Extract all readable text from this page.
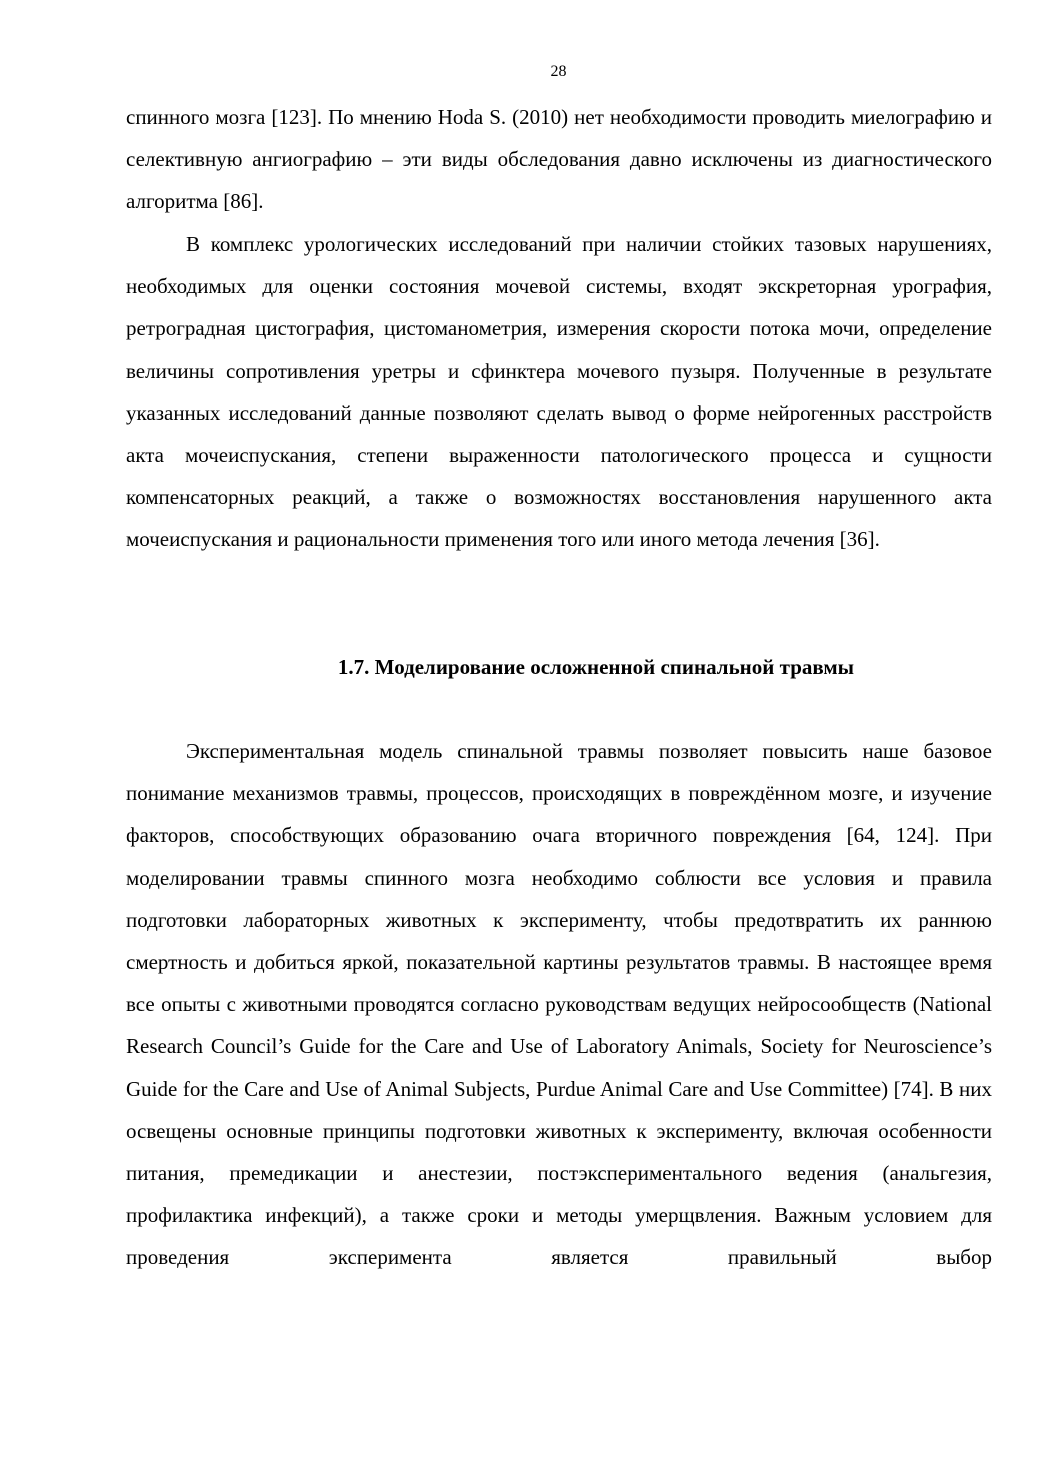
28
спинного мозга [123]. По мнению Hoda S. (2010) нет необходимости проводить миелографию и селективную ангиографию – эти виды обследования давно исключены из диагностического алгоритма [86].
В комплекс урологических исследований при наличии стойких тазовых нарушениях, необходимых для оценки состояния мочевой системы, входят экскреторная урография, ретроградная цистография, цистоманометрия, измерения скорости потока мочи, определение величины сопротивления уретры и сфинктера мочевого пузыря. Полученные в результате указанных исследований данные позволяют сделать вывод о форме нейрогенных расстройств акта мочеиспускания, степени выраженности патологического процесса и сущности компенсаторных реакций, а также о возможностях восстановления нарушенного акта мочеиспускания и рациональности применения того или иного метода лечения [36].
1.7. Моделирование осложненной спинальной травмы
Экспериментальная модель спинальной травмы позволяет повысить наше базовое понимание механизмов травмы, процессов, происходящих в повреждённом мозге, и изучение факторов, способствующих образованию очага вторичного повреждения [64, 124]. При моделировании травмы спинного мозга необходимо соблюсти все условия и правила подготовки лабораторных животных к эксперименту, чтобы предотвратить их раннюю смертность и добиться яркой, показательной картины результатов травмы. В настоящее время все опыты с животными проводятся согласно руководствам ведущих нейросообществ (National Research Council’s Guide for the Care and Use of Laboratory Animals, Society for Neuroscience’s Guide for the Care and Use of Animal Subjects, Purdue Animal Care and Use Committee) [74]. В них освещены основные принципы подготовки животных к эксперименту, включая особенности питания, премедикации и анестезии, постэкспериментального ведения (анальгезия, профилактика инфекций), а также сроки и методы умерщвления. Важным условием для проведения эксперимента является правильный выбор
